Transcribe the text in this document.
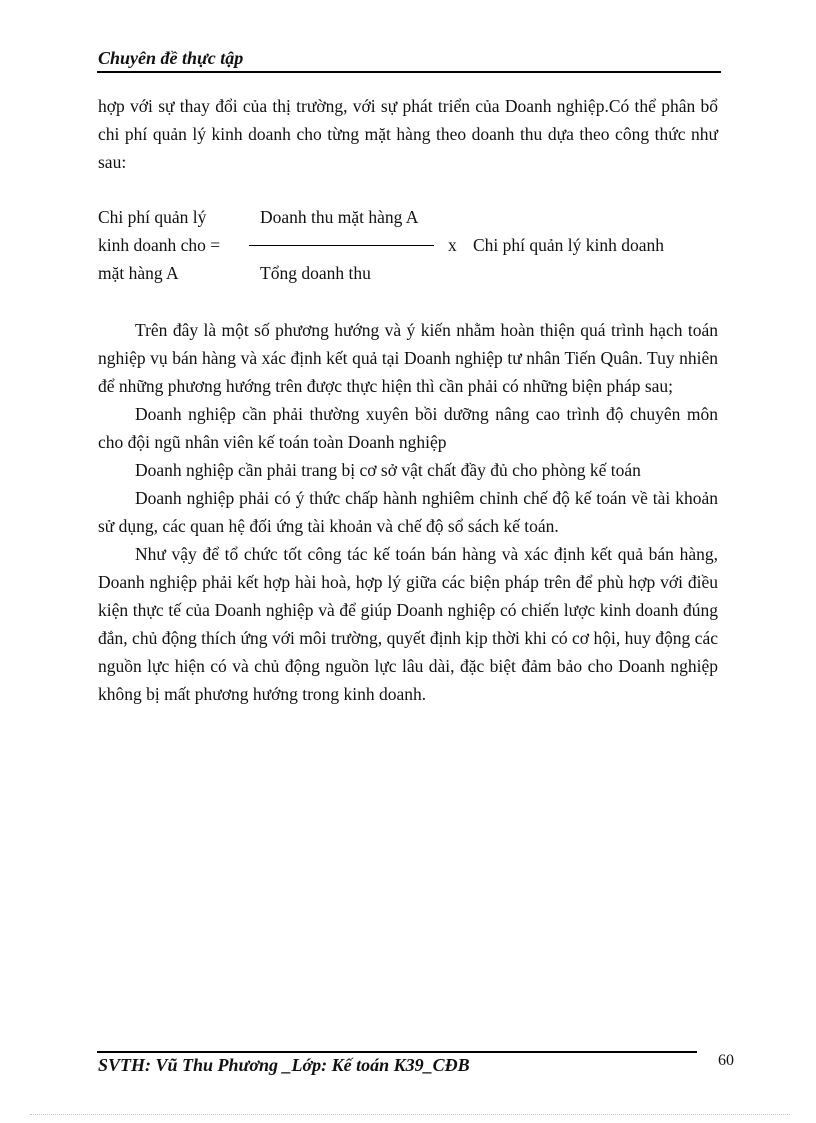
Chuyên đề thực tập

hợp với sự thay đổi của thị trường, với sự phát triển của Doanh nghiệp.Có thể phân bổ chi phí quản lý kinh doanh cho từng mặt hàng theo doanh thu dựa theo công thức như sau:

Chi phí quản lý
kinh doanh cho =
mặt hàng A
Doanh thu mặt hàng A
Tổng doanh thu
x Chi phí quản lý kinh doanh

Trên đây là một số phương hướng và ý kiến nhằm hoàn thiện quá trình hạch toán nghiệp vụ bán hàng và xác định kết quả tại Doanh nghiệp tư nhân Tiến Quân. Tuy nhiên để những phương hướng trên được thực hiện thì cần phải có những biện pháp sau;

Doanh nghiệp cần phải thường xuyên bồi dưỡng nâng cao trình độ chuyên môn cho đội ngũ nhân viên kế toán toàn Doanh nghiệp

Doanh nghiệp cần phải trang bị cơ sở vật chất đầy đủ cho phòng kế toán

Doanh nghiệp phải có ý thức chấp hành nghiêm chỉnh chế độ kế toán về tài khoản sử dụng, các quan hệ đối ứng tài khoản và chế độ sổ sách kế toán.

Như vậy để tổ chức tốt công tác kế toán bán hàng và xác định kết quả bán hàng, Doanh nghiệp phải kết hợp hài hoà, hợp lý giữa các biện pháp trên để phù hợp với điều kiện thực tế của Doanh nghiệp và để giúp Doanh nghiệp có chiến lược kinh doanh đúng đắn, chủ động thích ứng với môi trường, quyết định kịp thời khi có cơ hội, huy động các nguồn lực hiện có và chủ động nguồn lực lâu dài, đặc biệt đảm bảo cho Doanh nghiệp không bị mất phương hướng trong kinh doanh.

SVTH: Vũ Thu Phương _Lớp: Kế toán K39_CĐB	60
